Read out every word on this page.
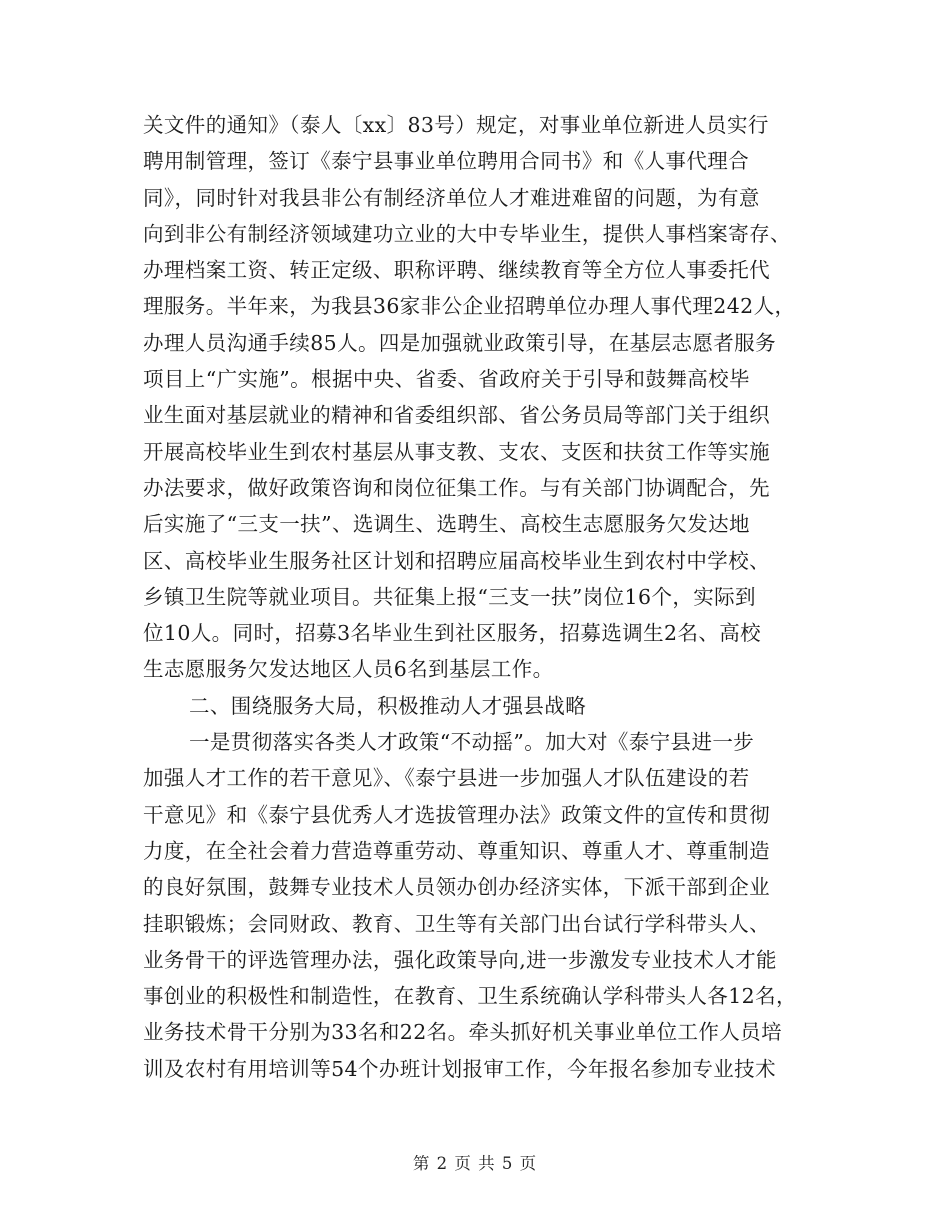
关文件的通知》（泰人〔xx〕83号）规定，对事业单位新进人员实行
聘用制管理，签订《泰宁县事业单位聘用合同书》和《人事代理合
同》，同时针对我县非公有制经济单位人才难进难留的问题，为有意
向到非公有制经济领域建功立业的大中专毕业生，提供人事档案寄存、
办理档案工资、转正定级、职称评聘、继续教育等全方位人事委托代
理服务。半年来，为我县36家非公企业招聘单位办理人事代理242人，
办理人员沟通手续85人。四是加强就业政策引导，在基层志愿者服务
项目上“广实施”。根据中央、省委、省政府关于引导和鼓舞高校毕
业生面对基层就业的精神和省委组织部、省公务员局等部门关于组织
开展高校毕业生到农村基层从事支教、支农、支医和扶贫工作等实施
办法要求，做好政策咨询和岗位征集工作。与有关部门协调配合，先
后实施了“三支一扶”、选调生、选聘生、高校生志愿服务欠发达地
区、高校毕业生服务社区计划和招聘应届高校毕业生到农村中学校、
乡镇卫生院等就业项目。共征集上报“三支一扶”岗位16个，实际到
位10人。同时，招募3名毕业生到社区服务，招募选调生2名、高校
生志愿服务欠发达地区人员6名到基层工作。
二、围绕服务大局，积极推动人才强县战略
一是贯彻落实各类人才政策“不动摇”。加大对《泰宁县进一步
加强人才工作的若干意见》、《泰宁县进一步加强人才队伍建设的若
干意见》和《泰宁县优秀人才选拔管理办法》政策文件的宣传和贯彻
力度，在全社会着力营造尊重劳动、尊重知识、尊重人才、尊重制造
的良好氛围，鼓舞专业技术人员领办创办经济实体，下派干部到企业
挂职锻炼；会同财政、教育、卫生等有关部门出台试行学科带头人、
业务骨干的评选管理办法，强化政策导向,进一步激发专业技术人才能
事创业的积极性和制造性，在教育、卫生系统确认学科带头人各12名，
业务技术骨干分别为33名和22名。牵头抓好机关事业单位工作人员培
训及农村有用培训等54个办班计划报审工作，今年报名参加专业技术
第 2 页 共 5 页
